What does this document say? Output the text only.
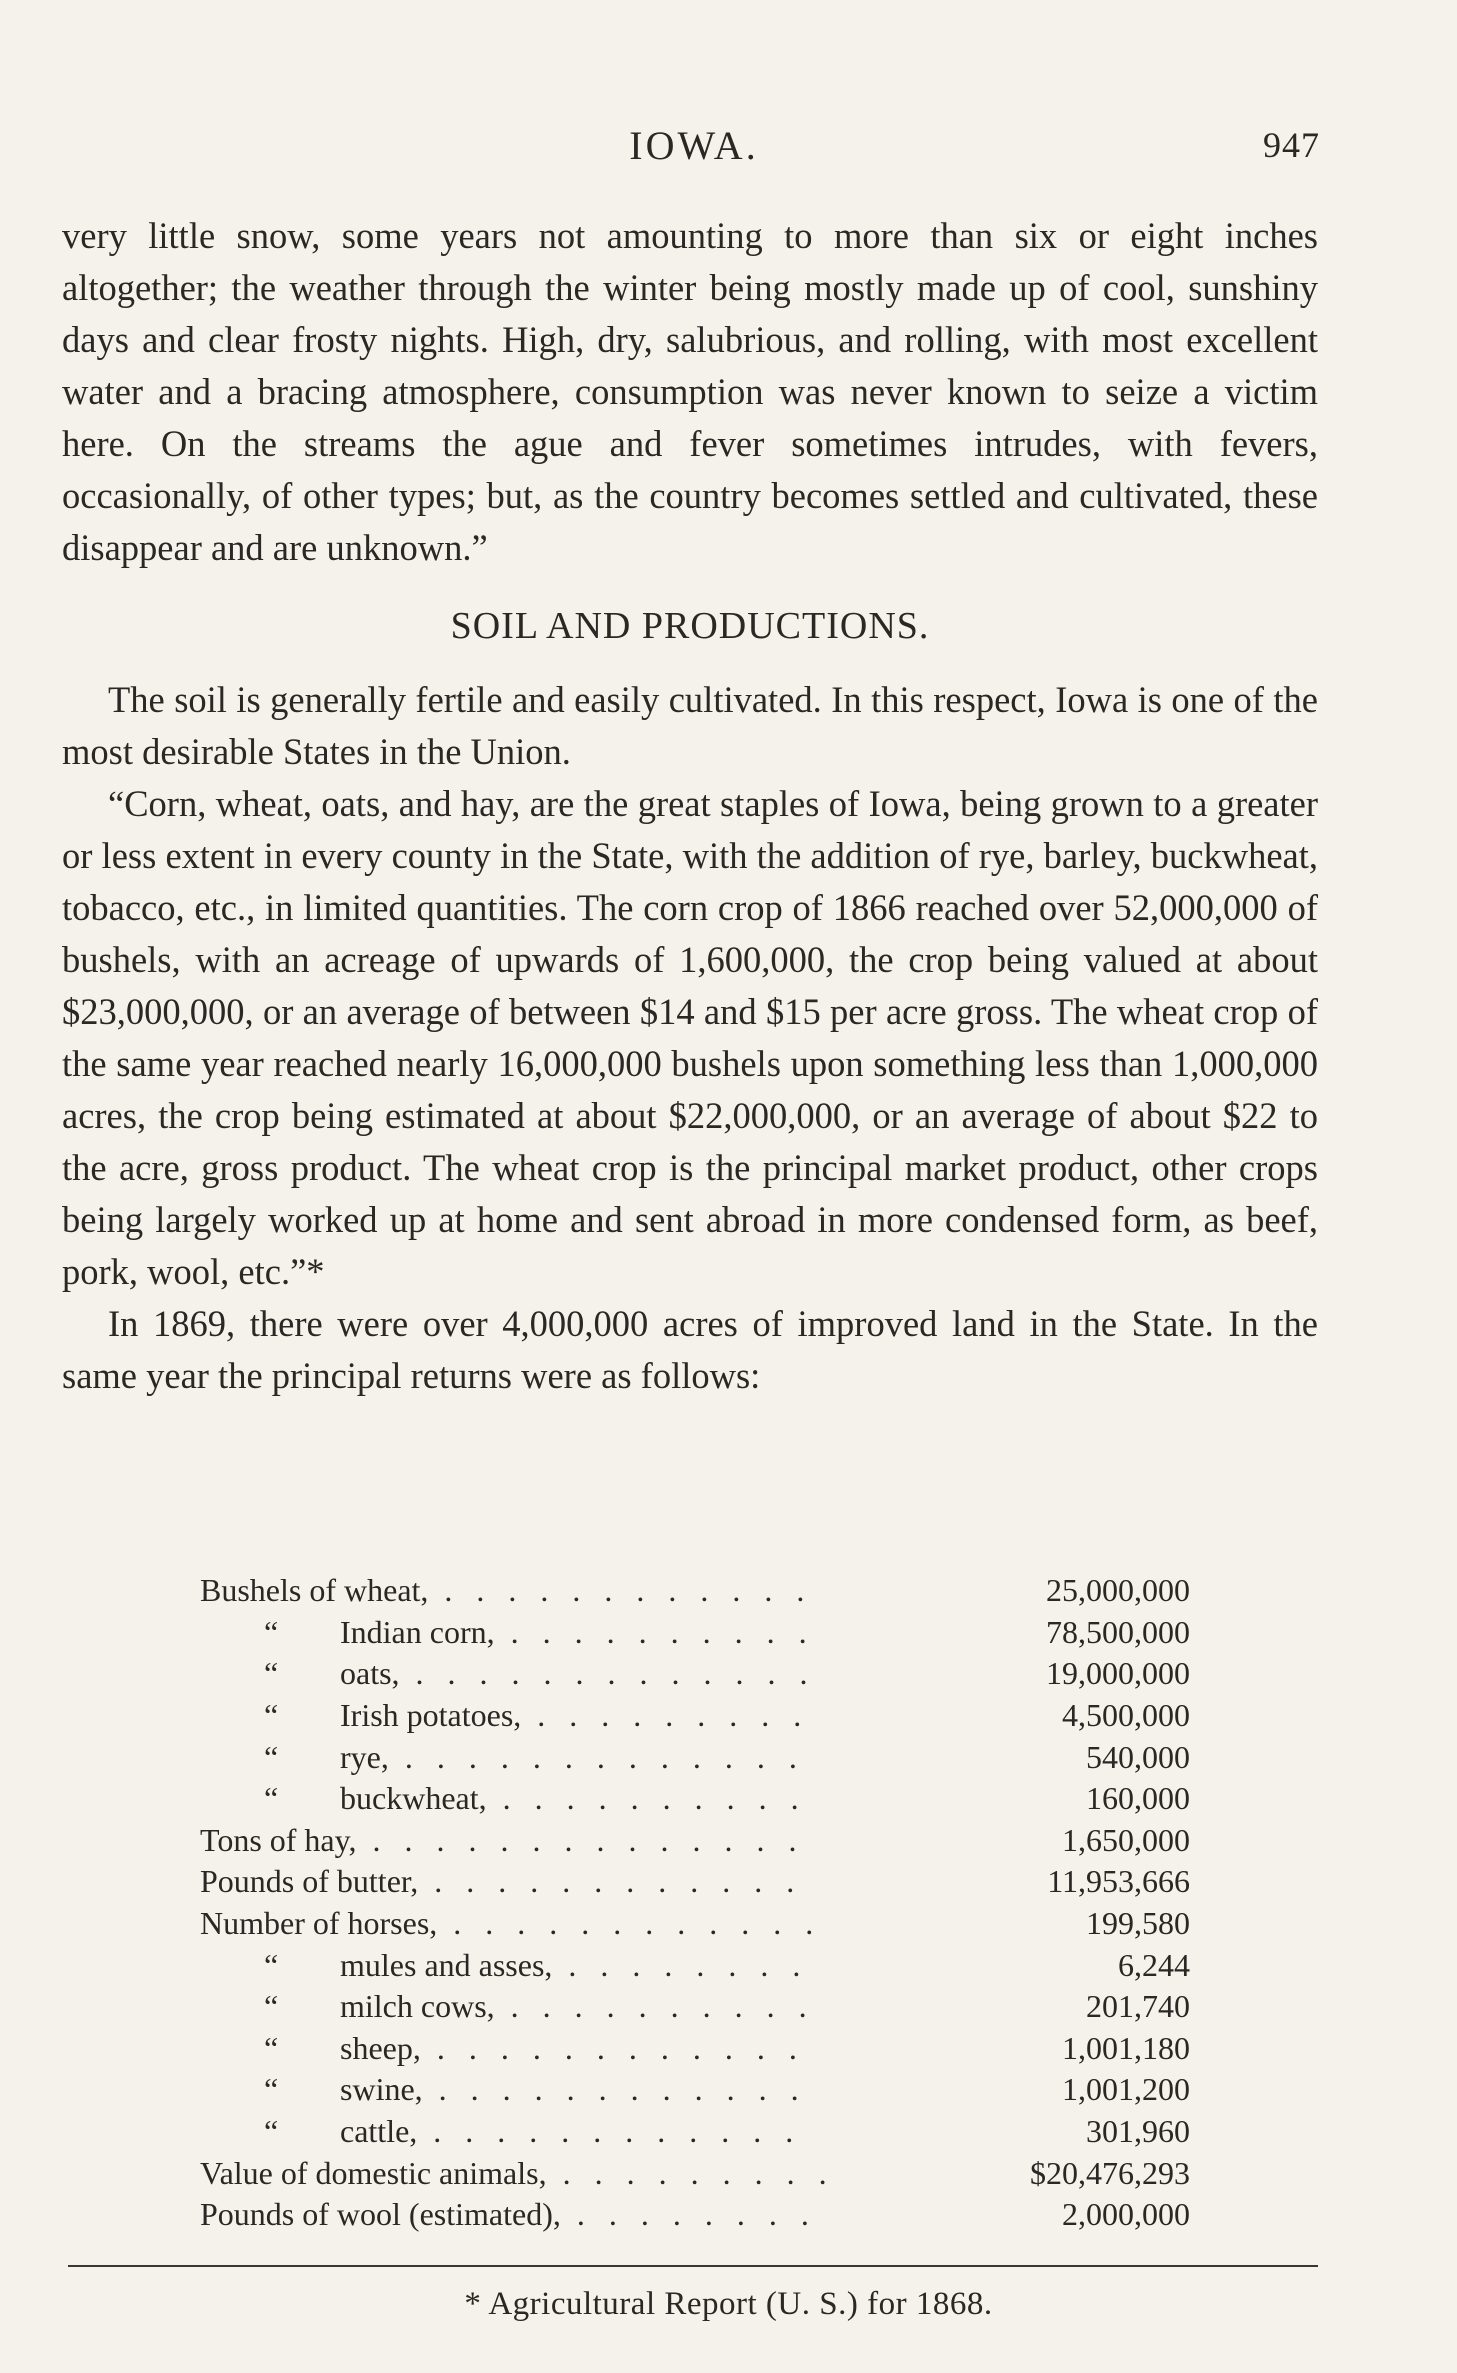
IOWA.	947

very little snow, some years not amounting to more than six or eight inches altogether; the weather through the winter being mostly made up of cool, sunshiny days and clear frosty nights. High, dry, salubrious, and rolling, with most excellent water and a bracing atmosphere, consumption was never known to seize a victim here. On the streams the ague and fever sometimes intrudes, with fevers, occasionally, of other types; but, as the country becomes settled and cultivated, these disappear and are unknown.”

SOIL AND PRODUCTIONS.

The soil is generally fertile and easily cultivated. In this respect, Iowa is one of the most desirable States in the Union.

“Corn, wheat, oats, and hay, are the great staples of Iowa, being grown to a greater or less extent in every county in the State, with the addition of rye, barley, buckwheat, tobacco, etc., in limited quantities. The corn crop of 1866 reached over 52,000,000 of bushels, with an acreage of upwards of 1,600,000, the crop being valued at about $23,000,000, or an average of between $14 and $15 per acre gross. The wheat crop of the same year reached nearly 16,000,000 bushels upon something less than 1,000,000 acres, the crop being estimated at about $22,000,000, or an average of about $22 to the acre, gross product. The wheat crop is the principal market product, other crops being largely worked up at home and sent abroad in more condensed form, as beef, pork, wool, etc.”*

In 1869, there were over 4,000,000 acres of improved land in the State. In the same year the principal returns were as follows:

Bushels of wheat, . . . . . . . . . . . .	25,000,000
“ Indian corn, . . . . . . . . . .	78,500,000
“ oats, . . . . . . . . . . . . .	19,000,000
“ Irish potatoes, . . . . . . . . .	4,500,000
“ rye, . . . . . . . . . . . . .	540,000
“ buckwheat, . . . . . . . . . .	160,000
Tons of hay, . . . . . . . . . . . . . .	1,650,000
Pounds of butter, . . . . . . . . . . . .	11,953,666
Number of horses, . . . . . . . . . . . .	199,580
“ mules and asses, . . . . . . . .	6,244
“ milch cows, . . . . . . . . . .	201,740
“ sheep, . . . . . . . . . . . .	1,001,180
“ swine, . . . . . . . . . . . .	1,001,200
“ cattle, . . . . . . . . . . . .	301,960
Value of domestic animals, . . . . . . . . .	$20,476,293
Pounds of wool (estimated), . . . . . . . .	2,000,000
* Agricultural Report (U. S.) for 1868.
